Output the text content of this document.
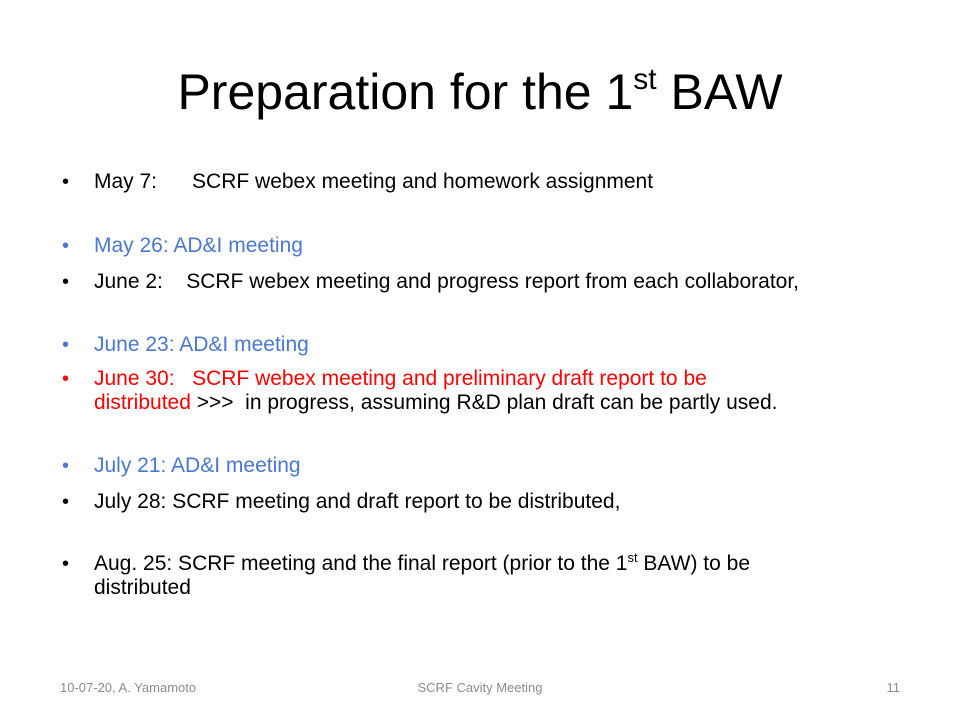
Preparation for the 1st BAW
•	May 7:      SCRF webex meeting and homework assignment
•	May 26: AD&I meeting
•	June 2:    SCRF webex meeting and progress report from each collaborator,
•	June 23: AD&I meeting
•	June 30:   SCRF webex meeting and preliminary draft report to be
distributed >>>  in progress, assuming R&D plan draft can be partly used.
•	July 21: AD&I meeting
•	July 28: SCRF meeting and draft report to be distributed,
•	Aug. 25: SCRF meeting and the final report (prior to the 1st BAW) to be
distributed
10-07-20, A. Yamamoto	SCRF Cavity Meeting	11
